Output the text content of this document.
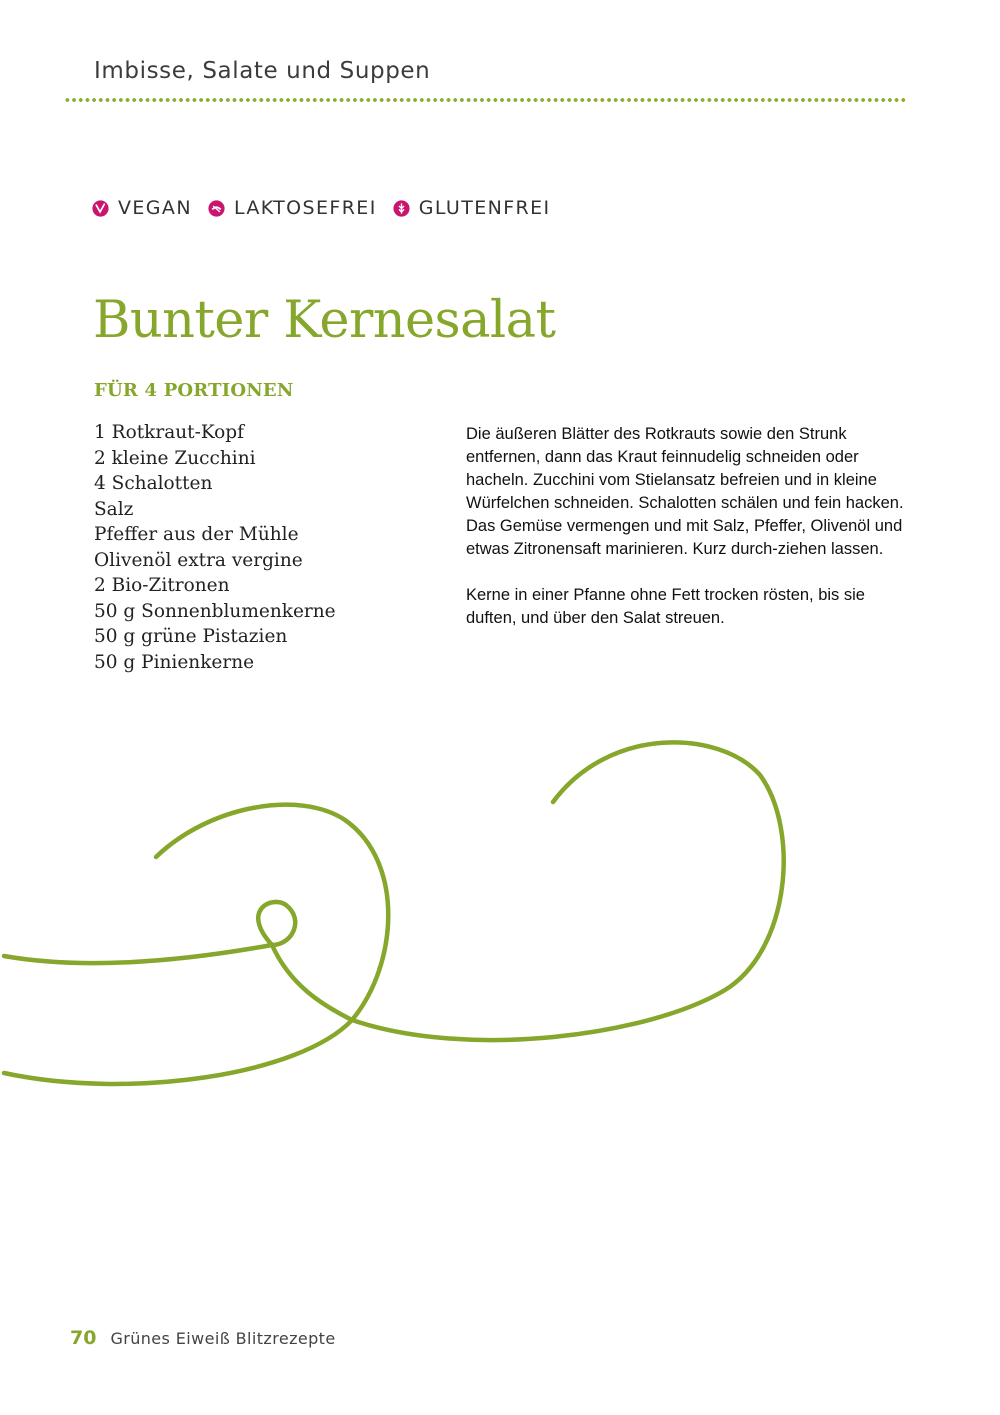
Imbisse, Salate und Suppen
VEGAN LAKTOSEFREI GLUTENFREI
Bunter Kernesalat
FÜR 4 PORTIONEN
1 Rotkraut-Kopf
2 kleine Zucchini
4 Schalotten
Salz
Pfeffer aus der Mühle
Olivenöl extra vergine
2 Bio-Zitronen
50 g Sonnenblumenkerne
50 g grüne Pistazien
50 g Pinienkerne

Die äußeren Blätter des Rotkrauts sowie den Strunk entfernen, dann das Kraut feinnudelig schneiden oder hacheln. Zucchini vom Stielansatz befreien und in kleine Würfelchen schneiden. Schalotten schälen und fein hacken. Das Gemüse vermengen und mit Salz, Pfeffer, Olivenöl und etwas Zitronensaft marinieren. Kurz durch-ziehen lassen.

Kerne in einer Pfanne ohne Fett trocken rösten, bis sie duften, und über den Salat streuen.

70 Grünes Eiweiß Blitzrezepte
